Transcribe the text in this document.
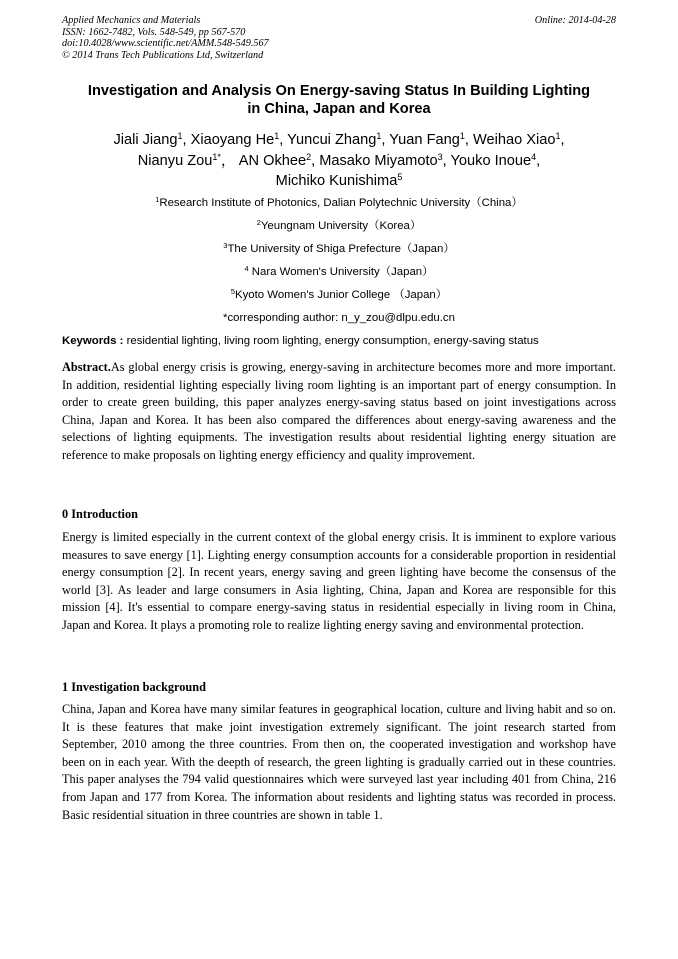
Applied Mechanics and Materials
ISSN: 1662-7482, Vols. 548-549, pp 567-570
doi:10.4028/www.scientific.net/AMM.548-549.567
© 2014 Trans Tech Publications Ltd, Switzerland
Online: 2014-04-28
Investigation and Analysis On Energy-saving Status In Building Lighting
in China, Japan and Korea
Jiali Jiang$^1$, Xiaoyang He$^1$, Yuncui Zhang$^1$, Yuan Fang$^1$, Weihao Xiao$^1$,
Nianyu Zou$^{1*}$， AN Okhee$^2$, Masako Miyamoto$^3$, Youko Inoue$^4$,
Michiko Kunishima$^5$
$^1$Research Institute of Photonics, Dalian Polytechnic University（China）
$^2$Yeungnam University（Korea）
$^3$The University of Shiga Prefecture（Japan）
$^4$ Nara Women's University（Japan）
$^5$Kyoto Women's Junior College （Japan）
*corresponding author: n_y_zou@dlpu.edu.cn
Keywords : residential lighting, living room lighting, energy consumption, energy-saving status
Abstract.As global energy crisis is growing, energy-saving in architecture becomes more and more important. In addition, residential lighting especially living room lighting is an important part of energy consumption. In order to create green building, this paper analyzes energy-saving status based on joint investigations across China, Japan and Korea. It has been also compared the differences about energy-saving awareness and the selections of lighting equipments. The investigation results about residential lighting energy situation are reference to make proposals on lighting energy efficiency and quality improvement.
0 Introduction
Energy is limited especially in the current context of the global energy crisis. It is imminent to explore various measures to save energy [1]. Lighting energy consumption accounts for a considerable proportion in residential energy consumption [2]. In recent years, energy saving and green lighting have become the consensus of the world [3]. As leader and large consumers in Asia lighting, China, Japan and Korea are responsible for this mission [4]. It's essential to compare energy-saving status in residential especially in living room in China, Japan and Korea. It plays a promoting role to realize lighting energy saving and environmental protection.
1 Investigation background
China, Japan and Korea have many similar features in geographical location, culture and living habit and so on. It is these features that make joint investigation extremely significant. The joint research started from September, 2010 among the three countries. From then on, the cooperated investigation and workshop have been on in each year. With the deepth of research, the green lighting is gradually carried out in these countries. This paper analyses the 794 valid questionnaires which were surveyed last year including 401 from China, 216 from Japan and 177 from Korea. The information about residents and lighting status was recorded in process. Basic residential situation in three countries are shown in table 1.
